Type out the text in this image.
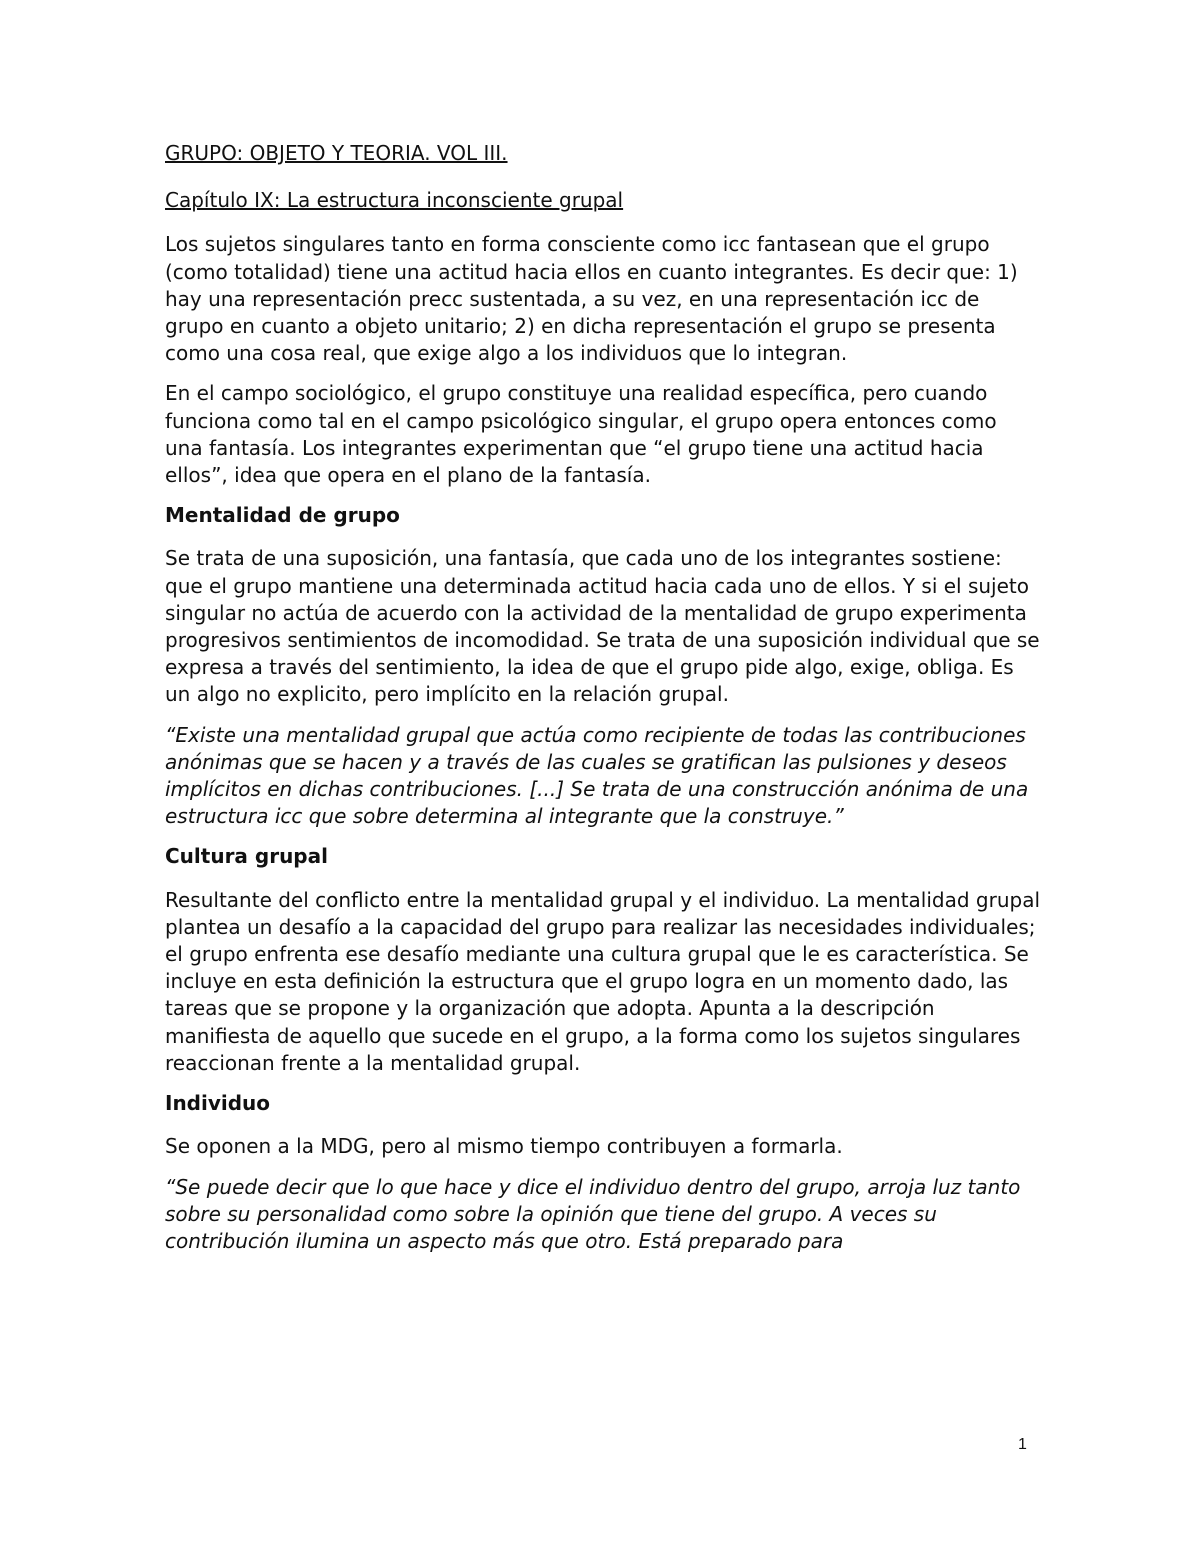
GRUPO: OBJETO Y TEORIA. VOL III.

Capítulo IX: La estructura inconsciente grupal

Los sujetos singulares tanto en forma consciente como icc fantasean que el grupo (como totalidad) tiene una actitud hacia ellos en cuanto integrantes. Es decir que: 1) hay una representación precc sustentada, a su vez, en una representación icc de grupo en cuanto a objeto unitario; 2) en dicha representación el grupo se presenta como una cosa real, que exige algo a los individuos que lo integran.

En el campo sociológico, el grupo constituye una realidad específica, pero cuando funciona como tal en el campo psicológico singular, el grupo opera entonces como una fantasía. Los integrantes experimentan que “el grupo tiene una actitud hacia ellos”, idea que opera en el plano de la fantasía.

Mentalidad de grupo

Se trata de una suposición, una fantasía, que cada uno de los integrantes sostiene: que el grupo mantiene una determinada actitud hacia cada uno de ellos. Y si el sujeto singular no actúa de acuerdo con la actividad de la mentalidad de grupo experimenta progresivos sentimientos de incomodidad. Se trata de una suposición individual que se expresa a través del sentimiento, la idea de que el grupo pide algo, exige, obliga. Es un algo no explicito, pero implícito en la relación grupal.

“Existe una mentalidad grupal que actúa como recipiente de todas las contribuciones anónimas que se hacen y a través de las cuales se gratifican las pulsiones y deseos implícitos en dichas contribuciones. [...] Se trata de una construcción anónima de una estructura icc que sobre determina al integrante que la construye.”

Cultura grupal

Resultante del conflicto entre la mentalidad grupal y el individuo. La mentalidad grupal plantea un desafío a la capacidad del grupo para realizar las necesidades individuales; el grupo enfrenta ese desafío mediante una cultura grupal que le es característica. Se incluye en esta definición la estructura que el grupo logra en un momento dado, las tareas que se propone y la organización que adopta. Apunta a la descripción manifiesta de aquello que sucede en el grupo, a la forma como los sujetos singulares reaccionan frente a la mentalidad grupal.

Individuo

Se oponen a la MDG, pero al mismo tiempo contribuyen a formarla.

“Se puede decir que lo que hace y dice el individuo dentro del grupo, arroja luz tanto sobre su personalidad como sobre la opinión que tiene del grupo. A veces su contribución ilumina un aspecto más que otro. Está preparado para

1
